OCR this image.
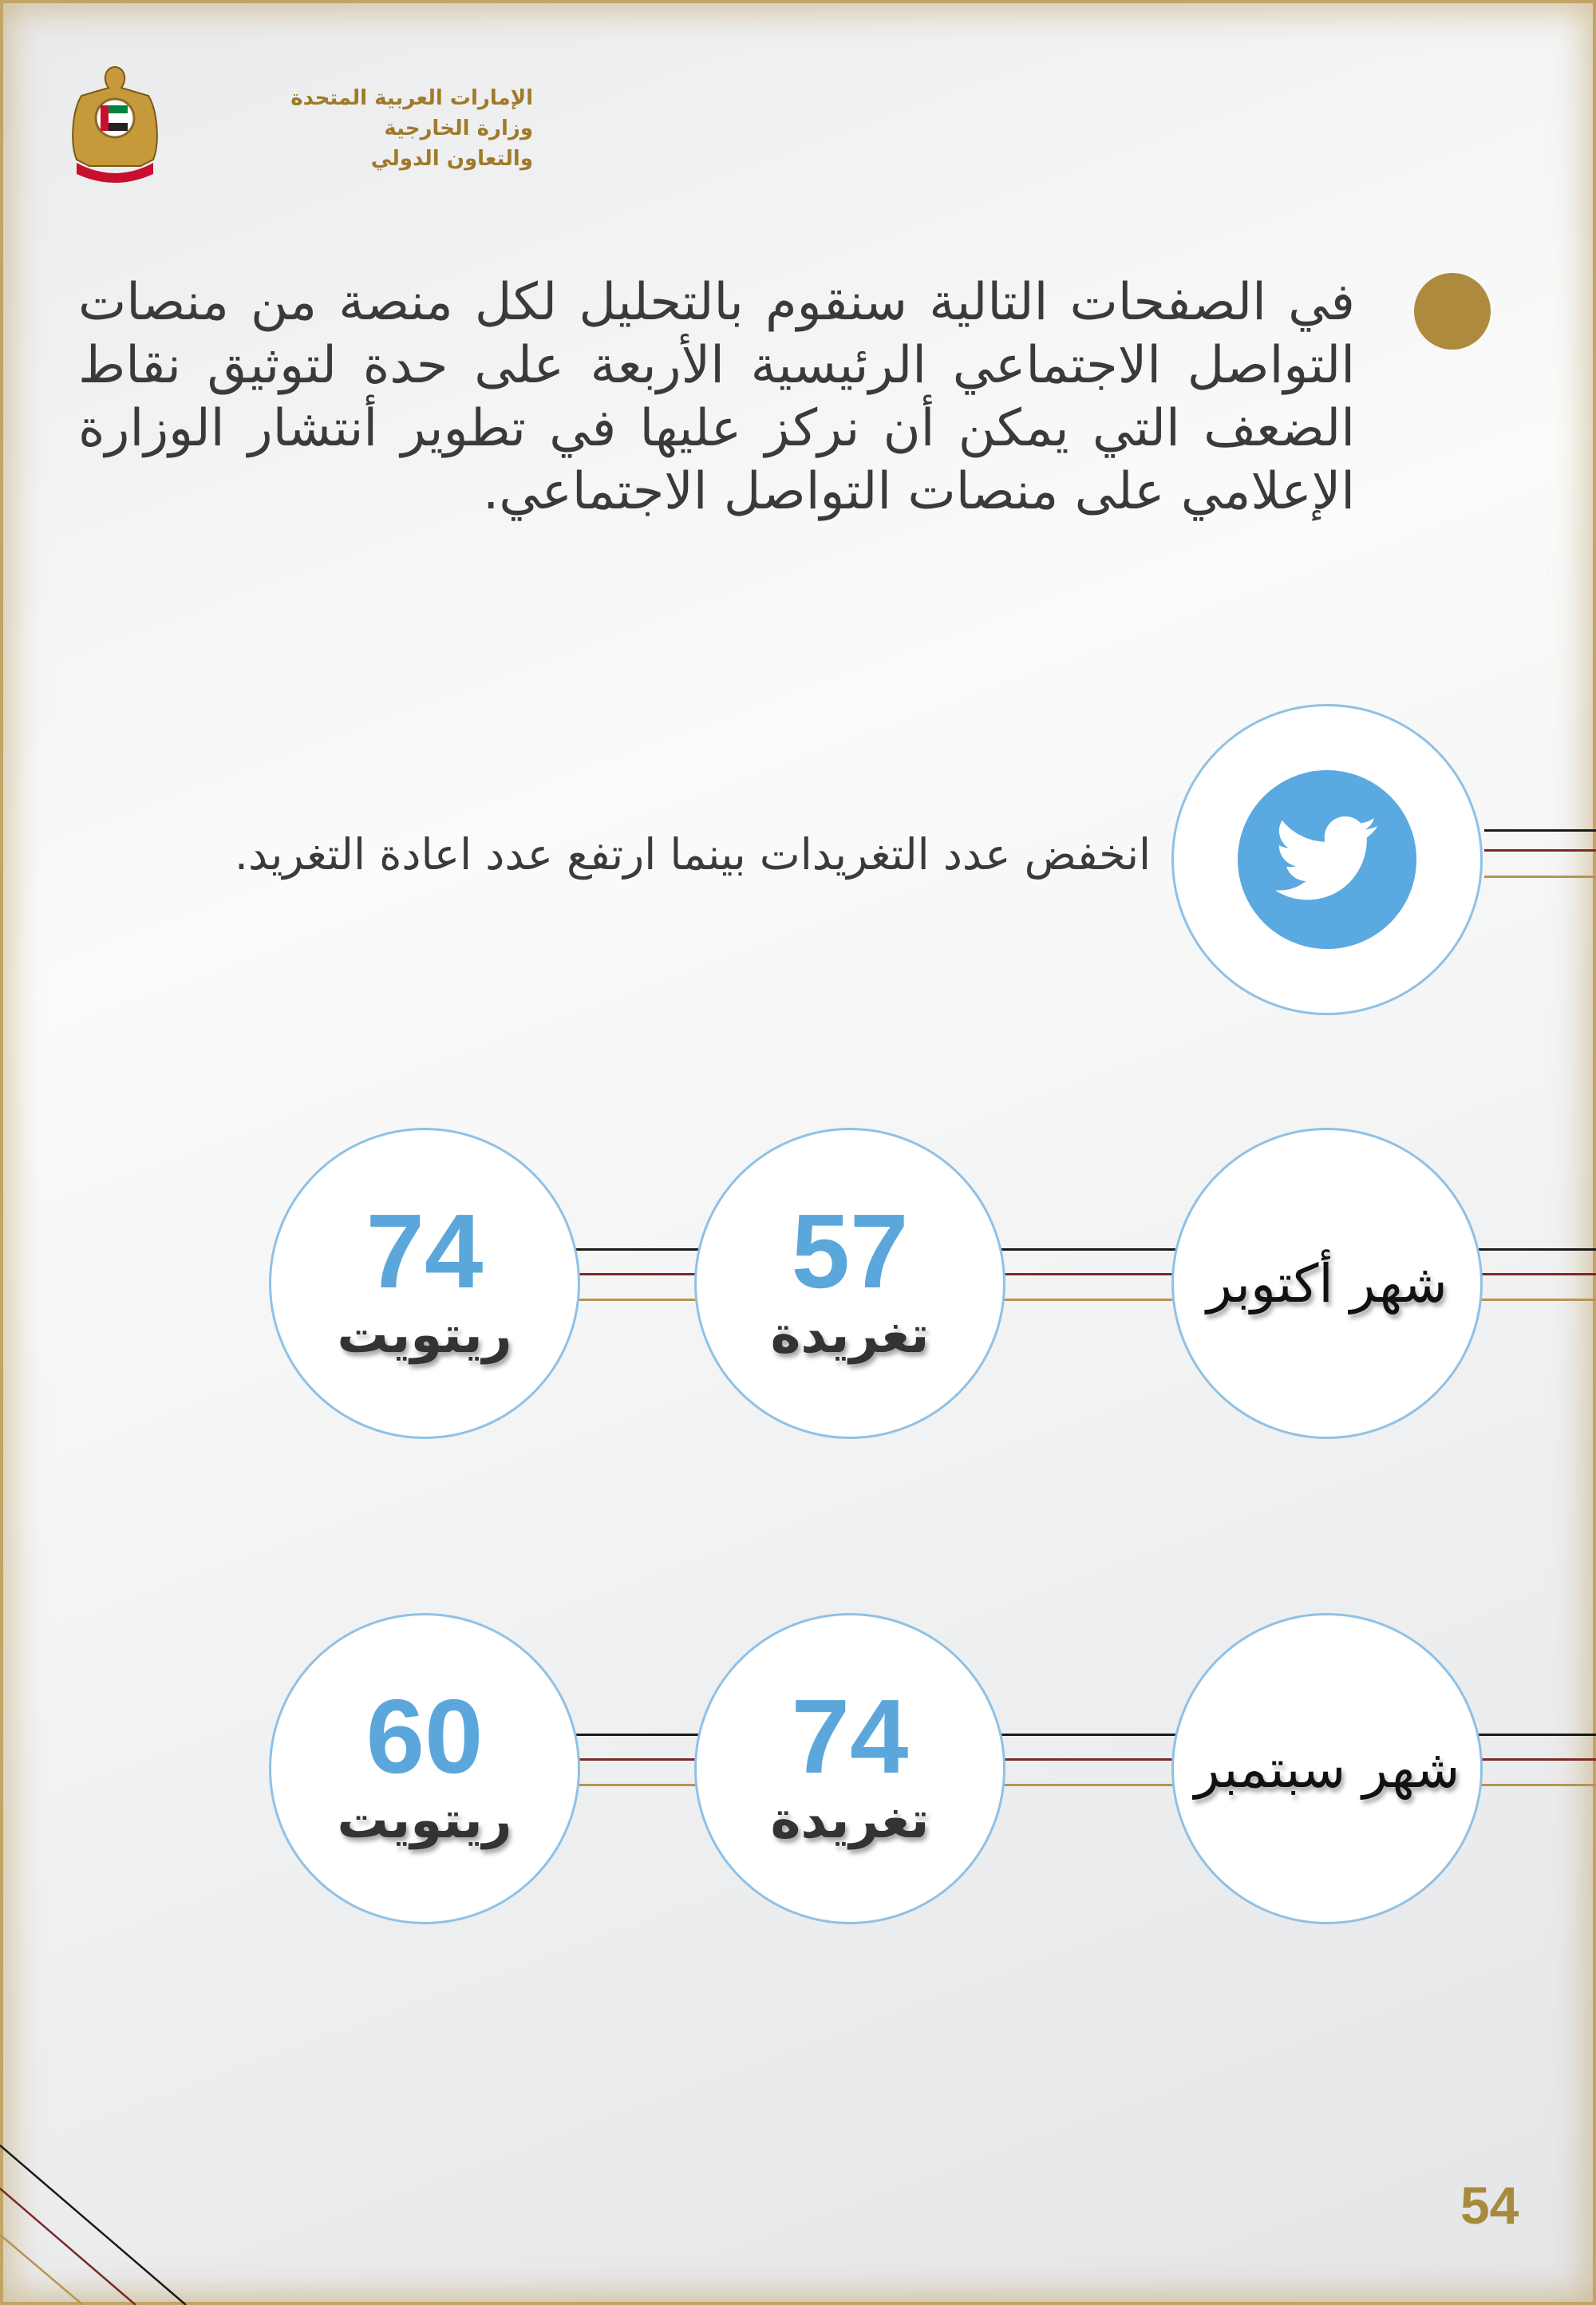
الإمارات العربية المتحدة
وزارة الخارجية
والتعاون الدولي
في الصفحات التالية سنقوم بالتحليل لكل منصة من منصات التواصل الاجتماعي الرئيسية الأربعة على حدة لتوثيق نقاط الضعف التي يمكن أن نركز عليها في تطوير أنتشار الوزارة الإعلامي على منصات التواصل الاجتماعي.
انخفض عدد التغريدات بينما ارتفع عدد اعادة التغريد.
شهر أكتوبر
57
تغريدة
74
ريتويت
شهر سبتمبر
74
تغريدة
60
ريتويت
54
